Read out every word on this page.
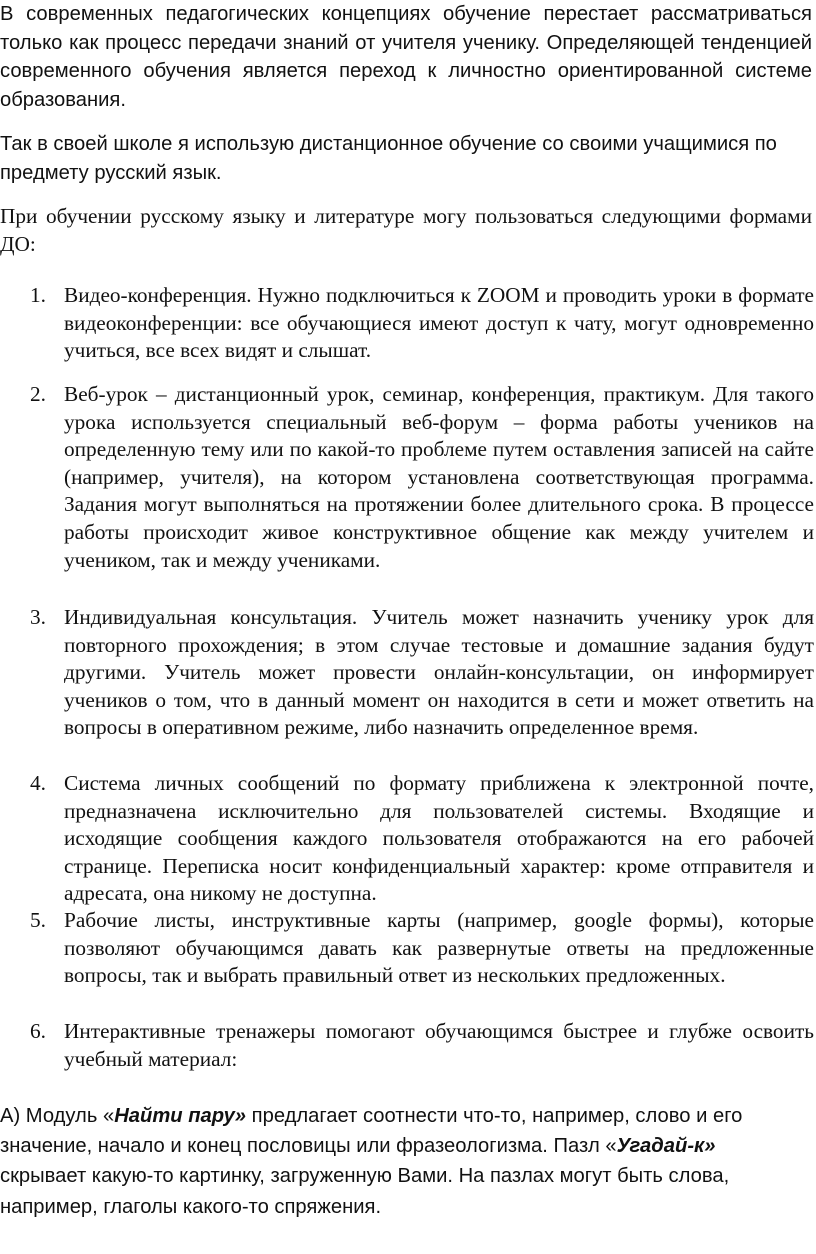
В современных педагогических концепциях обучение перестает рассматриваться только как процесс передачи знаний от учителя ученику. Определяющей тенденцией современного обучения является переход к личностно ориентированной системе образования.

Так в своей школе я использую дистанционное обучение со своими учащимися по предмету русский язык.

При обучении русскому языку и литературе могу пользоваться следующими формами ДО:

1. Видео-конференция. Нужно подключиться к ZOOM и проводить уроки в формате видеоконференции: все обучающиеся имеют доступ к чату, могут одновременно учиться, все всех видят и слышат.
2. Веб-урок – дистанционный урок, семинар, конференция, практикум. Для такого урока используется специальный веб-форум – форма работы учеников на определенную тему или по какой-то проблеме путем оставления записей на сайте (например, учителя), на котором установлена соответствующая программа. Задания могут выполняться на протяжении более длительного срока. В процессе работы происходит живое конструктивное общение как между учителем и учеником, так и между учениками.
3. Индивидуальная консультация. Учитель может назначить ученику урок для повторного прохождения; в этом случае тестовые и домашние задания будут другими. Учитель может провести онлайн-консультации, он информирует учеников о том, что в данный момент он находится в сети и может ответить на вопросы в оперативном режиме, либо назначить определенное время.
4. Система личных сообщений по формату приближена к электронной почте, предназначена исключительно для пользователей системы. Входящие и исходящие сообщения каждого пользователя отображаются на его рабочей странице. Переписка носит конфиденциальный характер: кроме отправителя и адресата, она никому не доступна.
5. Рабочие листы, инструктивные карты (например, google формы), которые позволяют обучающимся давать как развернутые ответы на предложенные вопросы, так и выбрать правильный ответ из нескольких предложенных.
6. Интерактивные тренажеры помогают обучающимся быстрее и глубже освоить учебный материал:

А) Модуль «Найти пару» предлагает соотнести что-то, например, слово и его значение, начало и конец пословицы или фразеологизма. Пазл «Угадай-к» скрывает какую-то картинку, загруженную Вами. На пазлах могут быть слова, например, глаголы какого-то спряжения.
